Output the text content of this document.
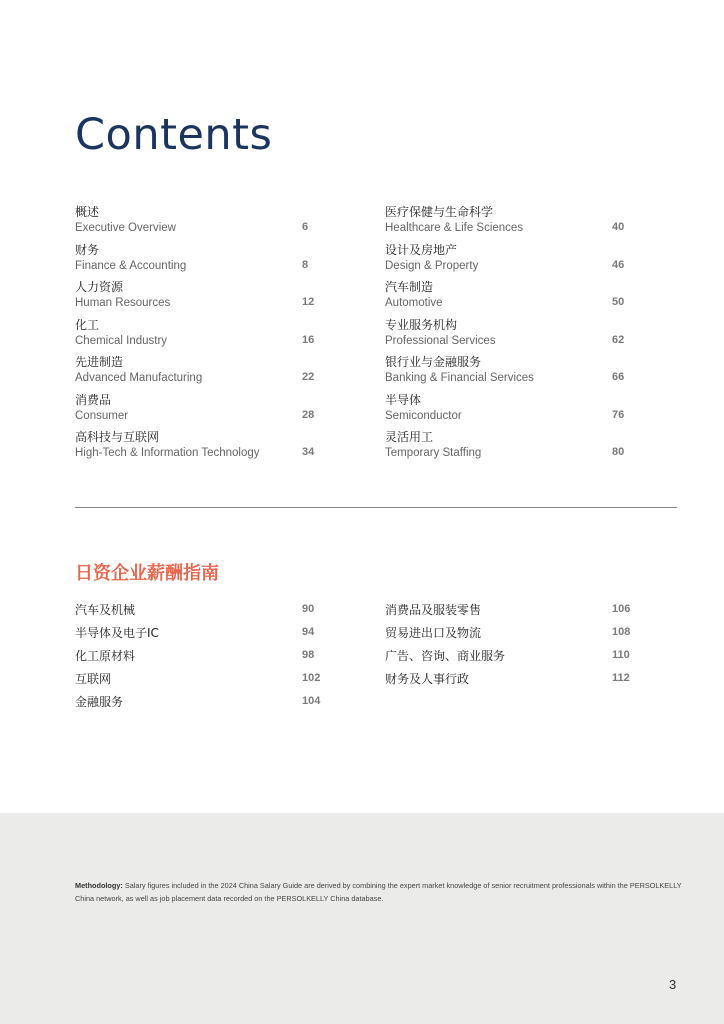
Contents
概述
Executive Overview	6
财务
Finance & Accounting	8
人力资源
Human Resources	12
化工
Chemical Industry	16
先进制造
Advanced Manufacturing	22
消费品
Consumer	28
高科技与互联网
High-Tech & Information Technology	34
医疗保健与生命科学
Healthcare & Life Sciences	40
设计及房地产
Design & Property	46
汽车制造
Automotive	50
专业服务机构
Professional Services	62
银行业与金融服务
Banking & Financial Services	66
半导体
Semiconductor	76
灵活用工
Temporary Staffing	80
日资企业薪酬指南
汽车及机械	90
半导体及电子IC	94
化工原材料	98
互联网	102
金融服务	104
消费品及服装零售	106
贸易进出口及物流	108
广告、咨询、商业服务	110
财务及人事行政	112
Methodology: Salary figures included in the 2024 China Salary Guide are derived by combining the expert market knowledge of senior recruitment professionals within the PERSOLKELLY China network, as well as job placement data recorded on the PERSOLKELLY China database.
3
